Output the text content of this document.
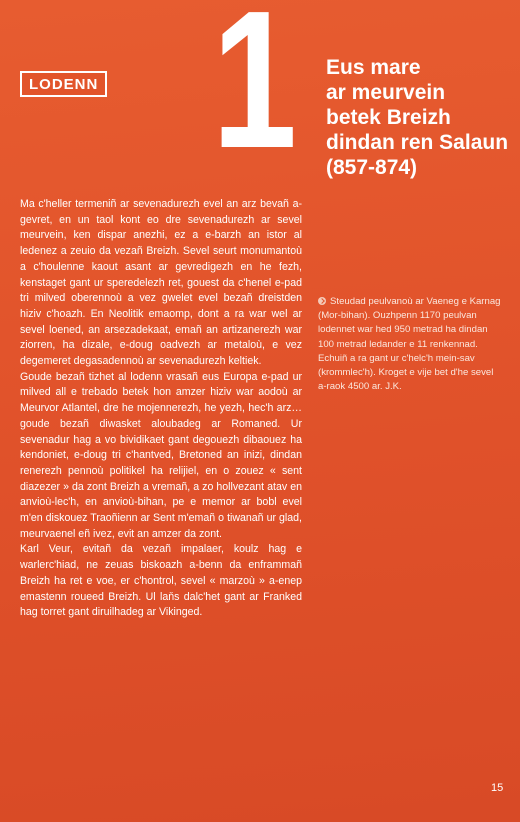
LODENN 1 Eus mare
ar meurvein
betek Breizh
dindan ren Salaun
(857-874)

Ma c'heller termeniñ ar sevenadurezh evel an arz bevañ a-gevret, en un taol kont eo dre sevenadurezh ar sevel meurvein, ken dispar anezhi, ez a e-barzh an istor al ledenez a zeuio da vezañ Breizh. Sevel seurt monumantoù a c'houlenne kaout asant ar gevredigezh en he fezh, kenstaget gant ur speredelezh ret, gouest da c'henel e-pad tri milved oberennoù a vez gwelet evel bezañ dreistden hiziv c'hoazh. En Neolitik emaomp, dont a ra war wel ar sevel loened, an arsezadekaat, emañ an artizanerezh war ziorren, ha dizale, e-doug oadvezh ar metaloù, e vez degemeret degasadennoù ar sevenadurezh keltiek.

Goude bezañ tizhet al lodenn vrasañ eus Europa e-pad ur milved all e trebado betek hon amzer hiziv war aodoù ar Meurvor Atlantel, dre he mojennerezh, he yezh, hec'h arz… goude bezañ diwasket aloubadeg ar Romaned. Ur sevenadur hag a vo bividikaet gant degouezh dibaouez ha kendoniet, e-doug tri c'hantved, Bretoned an inizi, dindan renerezh pennoù politikel ha relijiel, en o zouez « sent diazezer » da zont Breizh a vremañ, a zo hollvezant atav en anvioù-lec'h, en anvioù-bihan, pe e memor ar bobl evel m'en diskouez Traoñienn ar Sent m'emañ o tiwanañ ur glad, meurvaenel eñ ivez, evit an amzer da zont.

Karl Veur, evitañ da vezañ impalaer, koulz hag e warlerc'hiad, ne zeuas biskoazh a-benn da enframmañ Breizh ha ret e voe, er c'hontrol, sevel « marzoù » a-enep emastenn roueed Breizh. Ul laňs dalc'het gant ar Franked hag torret gant diruilhadeg ar Vikinged.

Steudad peulvanoù ar Vaeneg e Karnag (Mor-bihan). Ouzhpenn 1170 peulvan lodennet war hed 950 metrad ha dindan 100 metrad ledander e 11 renkennad. Echuiñ a ra gant ur c'helc'h mein-sav (krommlec'h). Kroget e vije bet d'he sevel a-raok 4500 ar. J.K.
15
